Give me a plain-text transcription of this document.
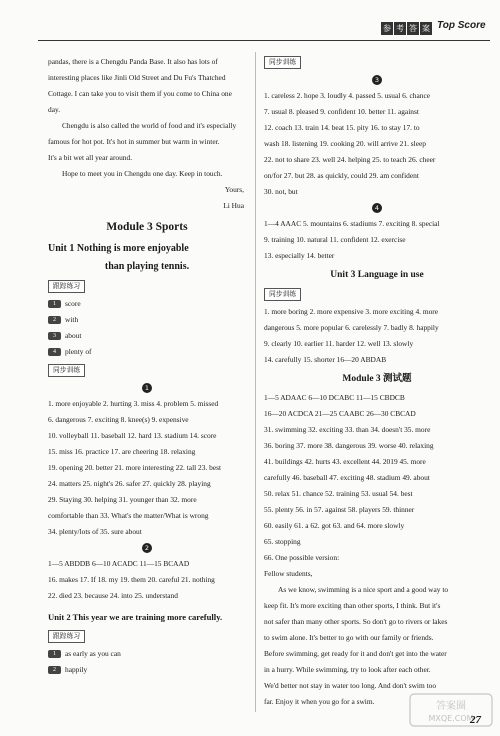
参 考 答 案 Top Score

pandas, there is a Chengdu Panda Base. It also has lots of

interesting places like Jinli Old Street and Du Fu's Thatched

Cottage. I can take you to visit them if you come to China one

day.

Chengdu is also called the world of food and it's especially

famous for hot pot. It's hot in summer but warm in winter.

It's a bit wet all year around.

Hope to meet you in Chengdu one day. Keep in touch.

Yours,

Li Hua

Module 3 Sports
Unit 1 Nothing is more enjoyable
than playing tennis.
跟踪练习
1 score
2 with
3 about
4 plenty of
同步训练
1

1. more enjoyable 2. hurting 3. miss 4. problem 5. missed

6. dangerous 7. exciting 8. knee(s) 9. expensive

10. volleyball 11. baseball 12. hard 13. stadium 14. score

15. miss 16. practice 17. are cheering 18. relaxing

19. opening 20. better 21. more interesting 22. tall 23. best

24. matters 25. night's 26. safer 27. quickly 28. playing

29. Staying 30. helping 31. younger than 32. more

comfortable than 33. What's the matter/What is wrong

34. plenty/lots of 35. sure about

2

1—5 ABDDB 6—10 ACADC 11—15 BCAAD

16. makes 17. If 18. my 19. them 20. careful 21. nothing

22. died 23. because 24. into 25. understand

Unit 2 This year we are training more carefully.
跟踪练习
1 as early as you can
2 happily
同步训练
3

1. careless 2. hope 3. loudly 4. passed 5. usual 6. chance

7. usual 8. pleased 9. confident 10. better 11. against

12. coach 13. train 14. beat 15. pity 16. to stay 17. to

wash 18. listening 19. cooking 20. will arrive 21. sleep

22. not to share 23. well 24. helping 25. to teach 26. cheer

on/for 27. but 28. as quickly, could 29. am confident

30. not, but

4

1—4 AAAC 5. mountains 6. stadiums 7. exciting 8. special

9. training 10. natural 11. confident 12. exercise

13. especially 14. better

Unit 3 Language in use
同步训练

1. more boring 2. more expensive 3. more exciting 4. more

dangerous 5. more popular 6. carelessly 7. badly 8. happily

9. clearly 10. earlier 11. harder 12. well 13. slowly

14. carefully 15. shorter 16—20 ABDAB

Module 3 测试题

1—5 ADAAC 6—10 DCABC 11—15 CBDCB

16—20 ACDCA 21—25 CAABC 26—30 CBCAD

31. swimming 32. exciting 33. than 34. doesn't 35. more

36. boring 37. more 38. dangerous 39. worse 40. relaxing

41. buildings 42. hurts 43. excellent 44. 2019 45. more

carefully 46. baseball 47. exciting 48. stadium 49. about

50. relax 51. chance 52. training 53. usual 54. best

55. plenty 56. in 57. against 58. players 59. thinner

60. easily 61. a 62. got 63. and 64. more slowly

65. stopping

66. One possible version:

Fellow students,

As we know, swimming is a nice sport and a good way to

keep fit. It's more exciting than other sports, I think. But it's

not safer than many other sports. So don't go to rivers or lakes

to swim alone. It's better to go with our family or friends.

Before swimming, get ready for it and don't get into the water

in a hurry. While swimming, try to look after each other.

We'd better not stay in water too long. And don't swim too

far. Enjoy it when you go for a swim.	答案圈
MXQE.COM
27
